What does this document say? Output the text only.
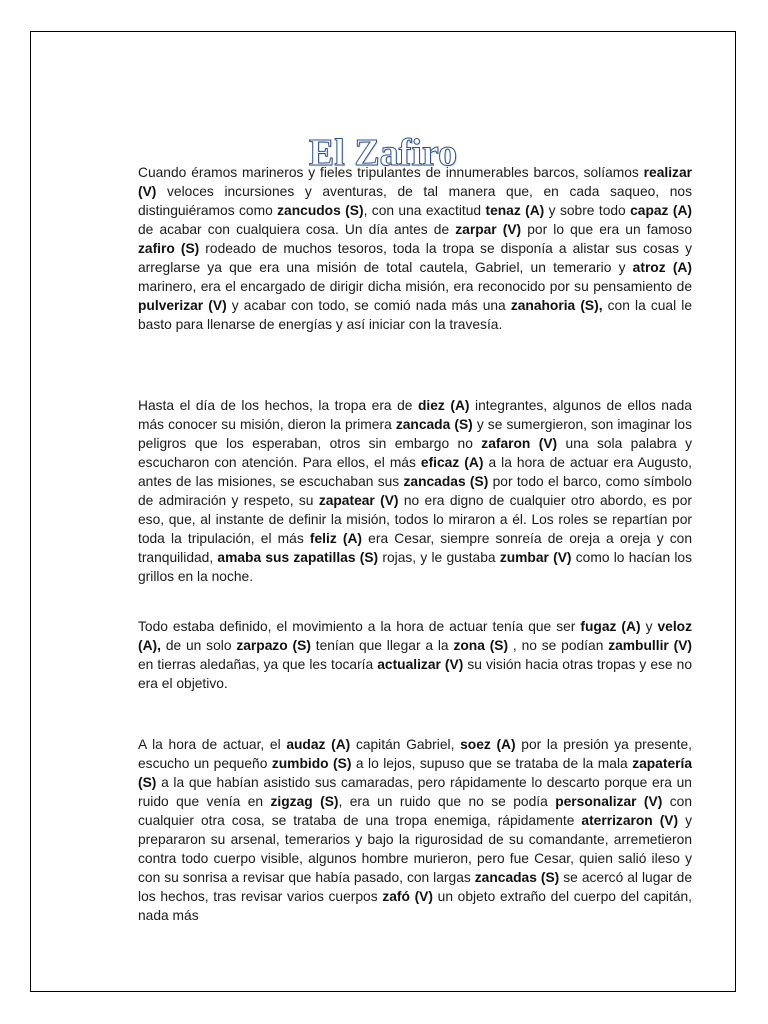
El Zafiro

Cuando éramos marineros y fieles tripulantes de innumerables barcos, solíamos realizar (V) veloces incursiones y aventuras, de tal manera que, en cada saqueo, nos distinguiéramos como zancudos (S), con una exactitud tenaz (A) y sobre todo capaz (A) de acabar con cualquiera cosa. Un día antes de zarpar (V) por lo que era un famoso zafiro (S) rodeado de muchos tesoros, toda la tropa se disponía a alistar sus cosas y arreglarse ya que era una misión de total cautela, Gabriel, un temerario y atroz (A) marinero, era el encargado de dirigir dicha misión, era reconocido por su pensamiento de pulverizar (V) y acabar con todo, se comió nada más una zanahoria (S), con la cual le basto para llenarse de energías y así iniciar con la travesía.

Hasta el día de los hechos, la tropa era de diez (A) integrantes, algunos de ellos nada más conocer su misión, dieron la primera zancada (S) y se sumergieron, son imaginar los peligros que los esperaban, otros sin embargo no zafaron (V) una sola palabra y escucharon con atención. Para ellos, el más eficaz (A) a la hora de actuar era Augusto, antes de las misiones, se escuchaban sus zancadas (S) por todo el barco, como símbolo de admiración y respeto, su zapatear (V) no era digno de cualquier otro abordo, es por eso, que, al instante de definir la misión, todos lo miraron a él. Los roles se repartían por toda la tripulación, el más feliz (A) era Cesar, siempre sonreía de oreja a oreja y con tranquilidad, amaba sus zapatillas (S) rojas, y le gustaba zumbar (V) como lo hacían los grillos en la noche.

Todo estaba definido, el movimiento a la hora de actuar tenía que ser fugaz (A) y veloz (A), de un solo zarpazo (S) tenían que llegar a la zona (S) , no se podían zambullir (V) en tierras aledañas, ya que les tocaría actualizar (V) su visión hacia otras tropas y ese no era el objetivo.

A la hora de actuar, el audaz (A) capitán Gabriel, soez (A) por la presión ya presente, escucho un pequeño zumbido (S) a lo lejos, supuso que se trataba de la mala zapatería (S) a la que habían asistido sus camaradas, pero rápidamente lo descarto porque era un ruido que venía en zigzag (S), era un ruido que no se podía personalizar (V) con cualquier otra cosa, se trataba de una tropa enemiga, rápidamente aterrizaron (V) y prepararon su arsenal, temerarios y bajo la rigurosidad de su comandante, arremetieron contra todo cuerpo visible, algunos hombre murieron, pero fue Cesar, quien salió ileso y con su sonrisa a revisar que había pasado, con largas zancadas (S) se acercó al lugar de los hechos, tras revisar varios cuerpos zafó (V) un objeto extraño del cuerpo del capitán, nada más
